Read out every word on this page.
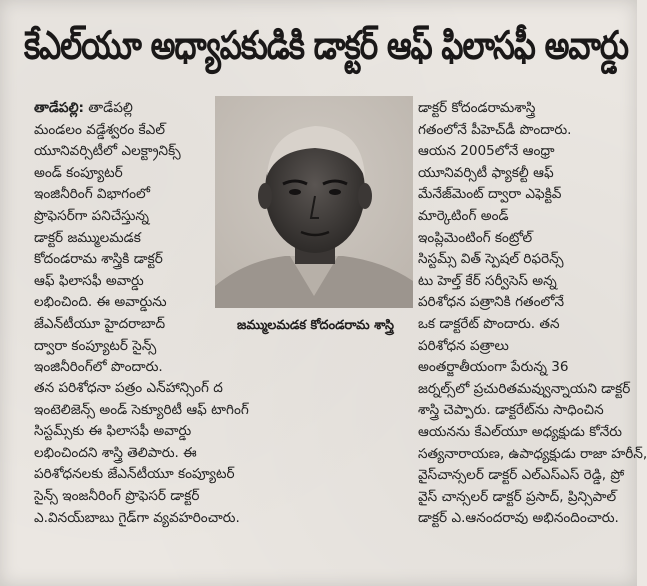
కేఎల్‌యూ అధ్యాపకుడికి డాక్టర్ ఆఫ్ ఫిలాసఫీ అవార్డు
తాడేపల్లి: తాడేపల్లి
మండలం వడ్డేశ్వరం కేఎల్
యూనివర్సిటీలో ఎలక్ట్రానిక్స్
అండ్ కంప్యూటర్
ఇంజినీరింగ్ విభాగంలో
ప్రొఫెసర్‌గా పనిచేస్తున్న
డాక్టర్ జమ్ములమడక
కోదండరామ శాస్త్రికి డాక్టర్
ఆఫ్ ఫిలాసఫీ అవార్డు
లభించింది. ఈ అవార్డును
జేఎన్‌టీయూ హైదరాబాద్
ద్వారా కంప్యూటర్ సైన్స్
ఇంజినీరింగ్‌లో పొందారు.
జమ్ములమడక కోదండరామ శాస్త్రి
తన పరిశోధనా పత్రం ఎన్‌హాన్సింగ్ ద
ఇంటెలిజెన్స్ అండ్ సెక్యూరిటీ ఆఫ్ టాగింగ్
సిస్టమ్స్‌కు ఈ ఫిలాసఫీ అవార్డు
లభించిందని శాస్త్రి తెలిపారు. ఈ
పరిశోధనలకు జేఎన్‌టీయూ కంప్యూటర్
సైన్స్ ఇంజనీరింగ్ ప్రొఫెసర్ డాక్టర్
ఎ.వినయ్‌బాబు గైడ్‌గా వ్యవహరించారు.
డాక్టర్ కోదండరామశాస్త్రి
గతంలోనే పీహెచ్‌డీ పొందారు.
ఆయన 2005లోనే ఆంధ్రా
యూనివర్సిటీ ఫ్యాకల్టీ ఆఫ్
మేనేజ్‌మెంట్ ద్వారా ఎఫెక్టివ్
మార్కెటింగ్ అండ్
ఇంప్లిమెంటింగ్ కంట్రోల్
సిస్టమ్స్ విత్ స్పెషల్ రిఫరెన్స్
టు హెల్త్ కేర్ సర్వీసెస్ అన్న
పరిశోధన పత్రానికి గతంలోనే
ఒక డాక్టరేట్ పొందారు. తన
పరిశోధన పత్రాలు
అంతర్జాతీయంగా పేరున్న 36
జర్నల్స్‌లో ప్రచురితమవ్వున్నాయని డాక్టర్
శాస్త్రి చెప్పారు. డాక్టరేట్‌ను సాధించిన
ఆయనను కేఎల్‌యూ అధ్యక్షుడు కోనేరు
సత్యనారాయణ, ఉపాధ్యక్షుడు రాజా హరీన్,
వైస్‌చాన్సలర్ డాక్టర్ ఎల్‌ఎస్ఎస్ రెడ్డి, ప్రో
వైస్ చాన్సలర్ డాక్టర్ ప్రసాద్, ప్రిన్సిపాల్
డాక్టర్ ఎ.ఆనందరావు అభినందించారు.
